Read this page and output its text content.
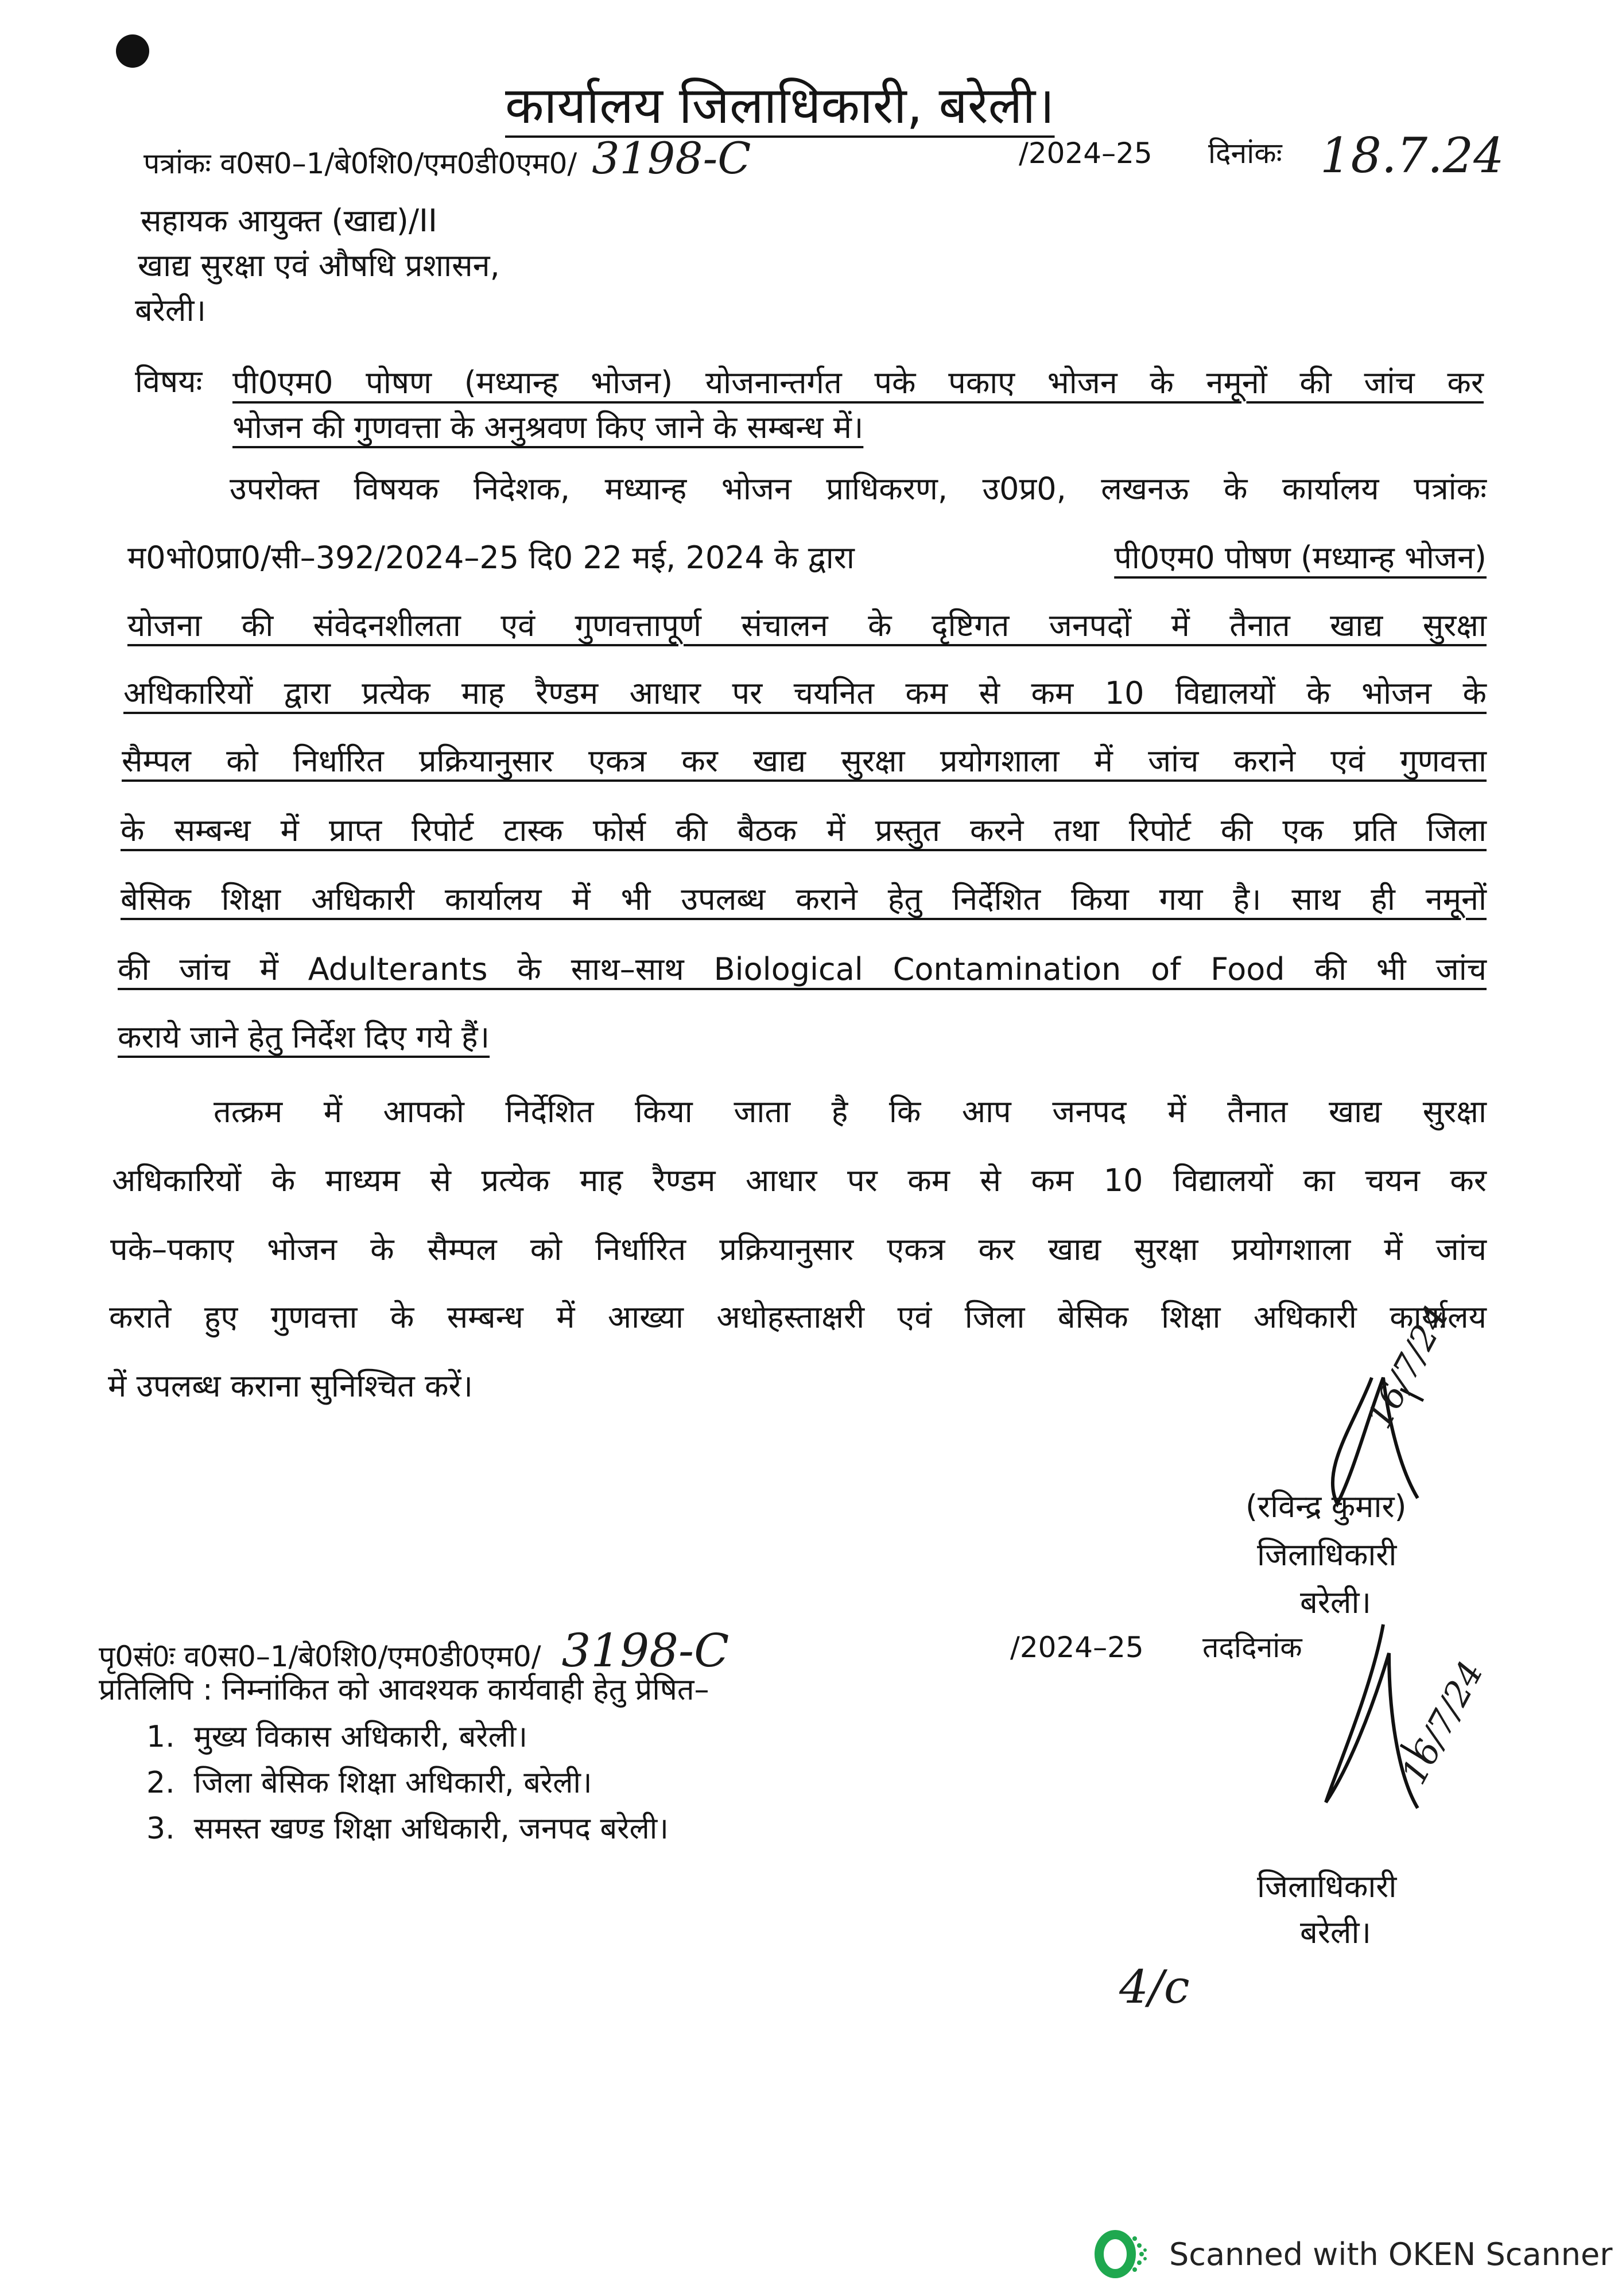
कार्यालय जिलाधिकारी, बरेली।
पत्रांकः व0स0–1/बे0शि0/एम0डी0एम0/ 3198-C	/2024–25 दिनांकः 18.7.24
सहायक आयुक्त (खाद्य)/II
खाद्य सुरक्षा एवं औषधि प्रशासन,
बरेली।
विषयः पी0एम0 पोषण (मध्यान्ह भोजन) योजनान्तर्गत पके पकाए भोजन के नमूनों की जांच कर
भोजन की गुणवत्ता के अनुश्रवण किए जाने के सम्बन्ध में।
उपरोक्त विषयक निदेशक, मध्यान्ह भोजन प्राधिकरण, उ0प्र0, लखनऊ के कार्यालय पत्रांकः
म0भो0प्रा0/सी–392/2024–25 दि0 22 मई, 2024 के द्वारा	पी0एम0 पोषण (मध्यान्ह भोजन)
योजना की संवेदनशीलता एवं गुणवत्तापूर्ण संचालन के दृष्टिगत जनपदों में तैनात खाद्य सुरक्षा
अधिकारियों द्वारा प्रत्येक माह रैण्डम आधार पर चयनित कम से कम 10 विद्यालयों के भोजन के
सैम्पल को निर्धारित प्रक्रियानुसार एकत्र कर खाद्य सुरक्षा प्रयोगशाला में जांच कराने एवं गुणवत्ता
के सम्बन्ध में प्राप्त रिपोर्ट टास्क फोर्स की बैठक में प्रस्तुत करने तथा रिपोर्ट की एक प्रति जिला
बेसिक शिक्षा अधिकारी कार्यालय में भी उपलब्ध कराने हेतु निर्देशित किया गया है। साथ ही नमूनों
की जांच में Adulterants के साथ–साथ Biological Contamination of Food की भी जांच
कराये जाने हेतु निर्देश दिए गये हैं।
तत्क्रम में आपको निर्देशित किया जाता है कि आप जनपद में तैनात खाद्य सुरक्षा
अधिकारियों के माध्यम से प्रत्येक माह रैण्डम आधार पर कम से कम 10 विद्यालयों का चयन कर
पके–पकाए भोजन के सैम्पल को निर्धारित प्रक्रियानुसार एकत्र कर खाद्य सुरक्षा प्रयोगशाला में जांच
कराते हुए गुणवत्ता के सम्बन्ध में आख्या अधोहस्ताक्षरी एवं जिला बेसिक शिक्षा अधिकारी कार्यालय
में उपलब्ध कराना सुनिश्चित करें।	16/7/24
(रविन्द्र कुमार)
जिलाधिकारी
बरेली।
पृ0सं0ः व0स0–1/बे0शि0/एम0डी0एम0/ 3198-C	/2024–25 तददिनांक
प्रतिलिपि : निम्नांकित को आवश्यक कार्यवाही हेतु प्रेषित–
1.  मुख्य विकास अधिकारी, बरेली।
2.  जिला बेसिक शिक्षा अधिकारी, बरेली।
3.  समस्त खण्ड शिक्षा अधिकारी, जनपद बरेली।
16/7/24
जिलाधिकारी
बरेली।
4/c
Scanned with OKEN Scanner
